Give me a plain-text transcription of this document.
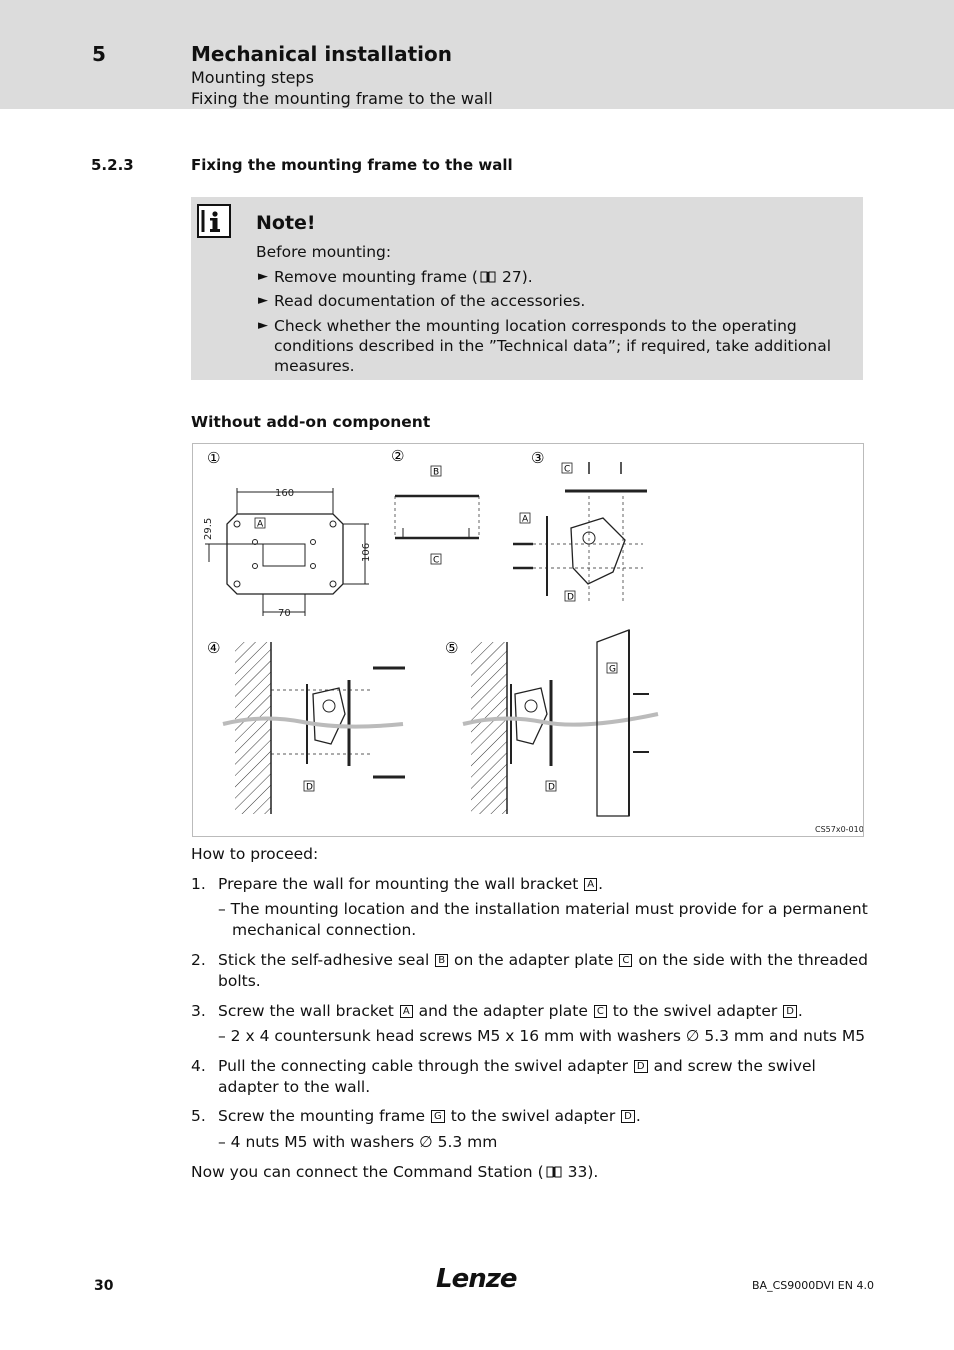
5	Mechanical installation
Mounting steps
Fixing the mounting frame to the wall
5.2.3	Fixing the mounting frame to the wall
Note!
Before mounting:
► Remove mounting frame ( 27).
► Read documentation of the accessories.
► Check whether the mounting location corresponds to the operating
conditions described in the ”Technical data”; if required, take additional
measures.
Without add-on component
①	②	③
④	⑤
160
106
29.5
70
A
B
C
C
A
D
D
G
D
CS57x0-010
How to proceed:
1. Prepare the wall for mounting the wall bracket A .
– The mounting location and the installation material must provide for a permanent
mechanical connection.
2. Stick the self-adhesive seal B on the adapter plate C on the side with the threaded
bolts.
3. Screw the wall bracket A and the adapter plate C to the swivel adapter D .
– 2 x 4 countersunk head screws M5 x 16 mm with washers ∅ 5.3 mm and nuts M5
4. Pull the connecting cable through the swivel adapter D and screw the swivel
adapter to the wall.
5. Screw the mounting frame G to the swivel adapter D .
– 4 nuts M5 with washers ∅ 5.3 mm
Now you can connect the Command Station ( 33).
30	Lenze	BA_CS9000DVI EN 4.0
